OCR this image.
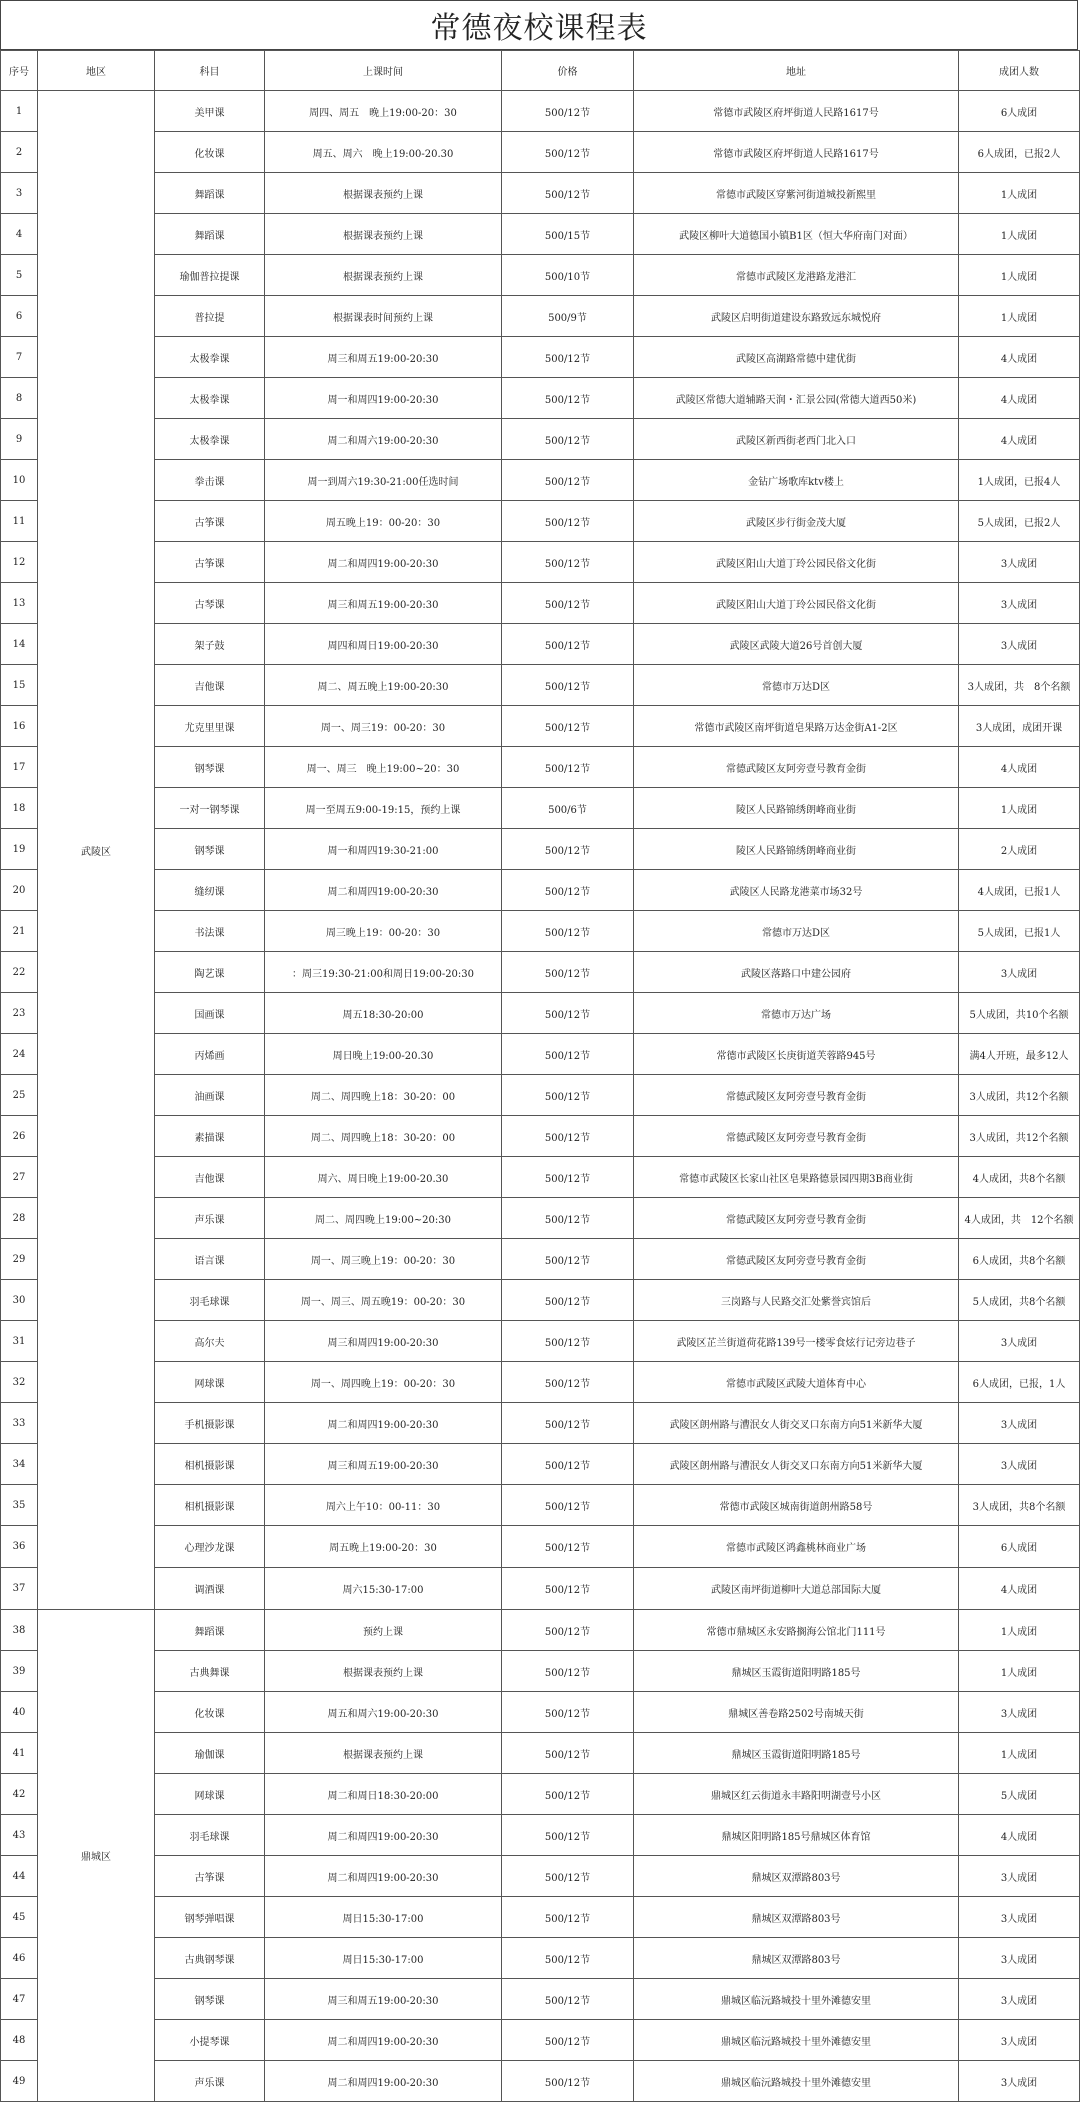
常德夜校课程表
序号	地区	科目	上课时间	价格	地址	成团人数
1	武陵区	美甲课	周四、周五　晚上19:00-20：30	500/12节	常德市武陵区府坪街道人民路1617号	6人成团
2		化妆课	周五、周六　晚上19:00-20.30	500/12节	常德市武陵区府坪街道人民路1617号	6人成团，已报2人
3		舞蹈课	根据课表预约上课	500/12节	常德市武陵区穿紫河街道城投新熙里	1人成团
4		舞蹈课	根据课表预约上课	500/15节	武陵区柳叶大道德国小镇B1区（恒大华府南门对面）	1人成团
5		瑜伽普拉提课	根据课表预约上课	500/10节	常德市武陵区龙港路龙港汇	1人成团
6		普拉提	根据课表时间预约上课	500/9节	武陵区启明街道建设东路致远东城悦府	1人成团
7		太极拳课	周三和周五19:00-20:30	500/12节	武陵区高湖路常德中建优街	4人成团
8		太极拳课	周一和周四19:00-20:30	500/12节	武陵区常德大道辅路天润・汇景公园(常德大道西50米)	4人成团
9		太极拳课	周二和周六19:00-20:30	500/12节	武陵区新西街老西门北入口	4人成团
10		拳击课	周一到周六19:30-21:00任选时间	500/12节	金钻广场歌库ktv楼上	1人成团，已报4人
11		古筝课	周五晚上19：00-20：30	500/12节	武陵区步行街金茂大厦	5人成团，已报2人
12		古筝课	周二和周四19:00-20:30	500/12节	武陵区阳山大道丁玲公园民俗文化街	3人成团
13		古琴课	周三和周五19:00-20:30	500/12节	武陵区阳山大道丁玲公园民俗文化街	3人成团
14		架子鼓	周四和周日19:00-20:30	500/12节	武陵区武陵大道26号首创大厦	3人成团
15		吉他课	周二、周五晚上19:00-20:30	500/12节	常德市万达D区	3人成团，共　8个名额
16		尤克里里课	周一、周三19：00-20：30	500/12节	常德市武陵区南坪街道皂果路万达金街A1-2区	3人成团，成团开课
17		钢琴课	周一、周三　晚上19:00~20：30	500/12节	常德武陵区友阿旁壹号教育金街	4人成团
18		一对一钢琴课	周一至周五9:00-19:15，预约上课	500/6节	陵区人民路锦绣朗峰商业街	1人成团
19		钢琴课	周一和周四19:30-21:00	500/12节	陵区人民路锦绣朗峰商业街	2人成团
20		缝纫课	周二和周四19:00-20:30	500/12节	武陵区人民路龙港菜市场32号	4人成团，已报1人
21		书法课	周三晚上19：00-20：30	500/12节	常德市万达D区	5人成团，已报1人
22		陶艺课	：周三19:30-21:00和周日19:00-20:30	500/12节	武陵区落路口中建公园府	3人成团
23		国画课	周五18:30-20:00	500/12节	常德市万达广场	5人成团，共10个名额
24		丙烯画	周日晚上19:00-20.30	500/12节	常德市武陵区长庚街道芙蓉路945号	满4人开班，最多12人
25		油画课	周二、周四晚上18：30-20：00	500/12节	常德武陵区友阿旁壹号教育金街	3人成团，共12个名额
26		素描课	周二、周四晚上18：30-20：00	500/12节	常德武陵区友阿旁壹号教育金街	3人成团，共12个名额
27		吉他课	周六、周日晚上19:00-20.30	500/12节	常德市武陵区长家山社区皂果路德景园四期3B商业街	4人成团，共8个名额
28		声乐课	周二、周四晚上19:00~20:30	500/12节	常德武陵区友阿旁壹号教育金街	4人成团，共　12个名额
29		语言课	周一、周三晚上19：00-20：30	500/12节	常德武陵区友阿旁壹号教育金街	6人成团，共8个名额
30		羽毛球课	周一、周三、周五晚19：00-20：30	500/12节	三岗路与人民路交汇处紫誉宾馆后	5人成团，共8个名额
31		高尔夫	周三和周四19:00-20:30	500/12节	武陵区芷兰街道荷花路139号一楼零食炫行记旁边巷子	3人成团
32		网球课	周一、周四晚上19：00-20：30	500/12节	常德市武陵区武陵大道体育中心	6人成团，已报，1人
33		手机摄影课	周二和周四19:00-20:30	500/12节	武陵区朗州路与漕泯女人街交叉口东南方向51米新华大厦	3人成团
34		相机摄影课	周三和周五19:00-20:30	500/12节	武陵区朗州路与漕泯女人街交叉口东南方向51米新华大厦	3人成团
35		相机摄影课	周六上午10：00-11：30	500/12节	常德市武陵区城南街道朗州路58号	3人成团，共8个名额
36		心理沙龙课	周五晚上19:00-20：30	500/12节	常德市武陵区鸿鑫桃林商业广场	6人成团
37		调酒课	周六15:30-17:00	500/12节	武陵区南坪街道柳叶大道总部国际大厦	4人成团
38	鼎城区	舞蹈课	预约上课	500/12节	常德市鼎城区永安路搁海公馆北门111号	1人成团
39		古典舞课	根据课表预约上课	500/12节	鼎城区玉霞街道阳明路185号	1人成团
40		化妆课	周五和周六19:00-20:30	500/12节	鼎城区善卷路2502号南城天街	3人成团
41		瑜伽课	根据课表预约上课	500/12节	鼎城区玉霞街道阳明路185号	1人成团
42		网球课	周二和周日18:30-20:00	500/12节	鼎城区红云街道永丰路阳明湖壹号小区	5人成团
43		羽毛球课	周二和周四19:00-20:30	500/12节	鼎城区阳明路185号鼎城区体育馆	4人成团
44		古筝课	周二和周四19:00-20:30	500/12节	鼎城区双潭路803号	3人成团
45		钢琴弹唱课	周日15:30-17:00	500/12节	鼎城区双潭路803号	3人成团
46		古典钢琴课	周日15:30-17:00	500/12节	鼎城区双潭路803号	3人成团
47		钢琴课	周三和周五19:00-20:30	500/12节	鼎城区临沅路城投十里外滩德安里	3人成团
48		小提琴课	周二和周四19:00-20:30	500/12节	鼎城区临沅路城投十里外滩德安里	3人成团
49		声乐课	周二和周四19:00-20:30	500/12节	鼎城区临沅路城投十里外滩德安里	3人成团
